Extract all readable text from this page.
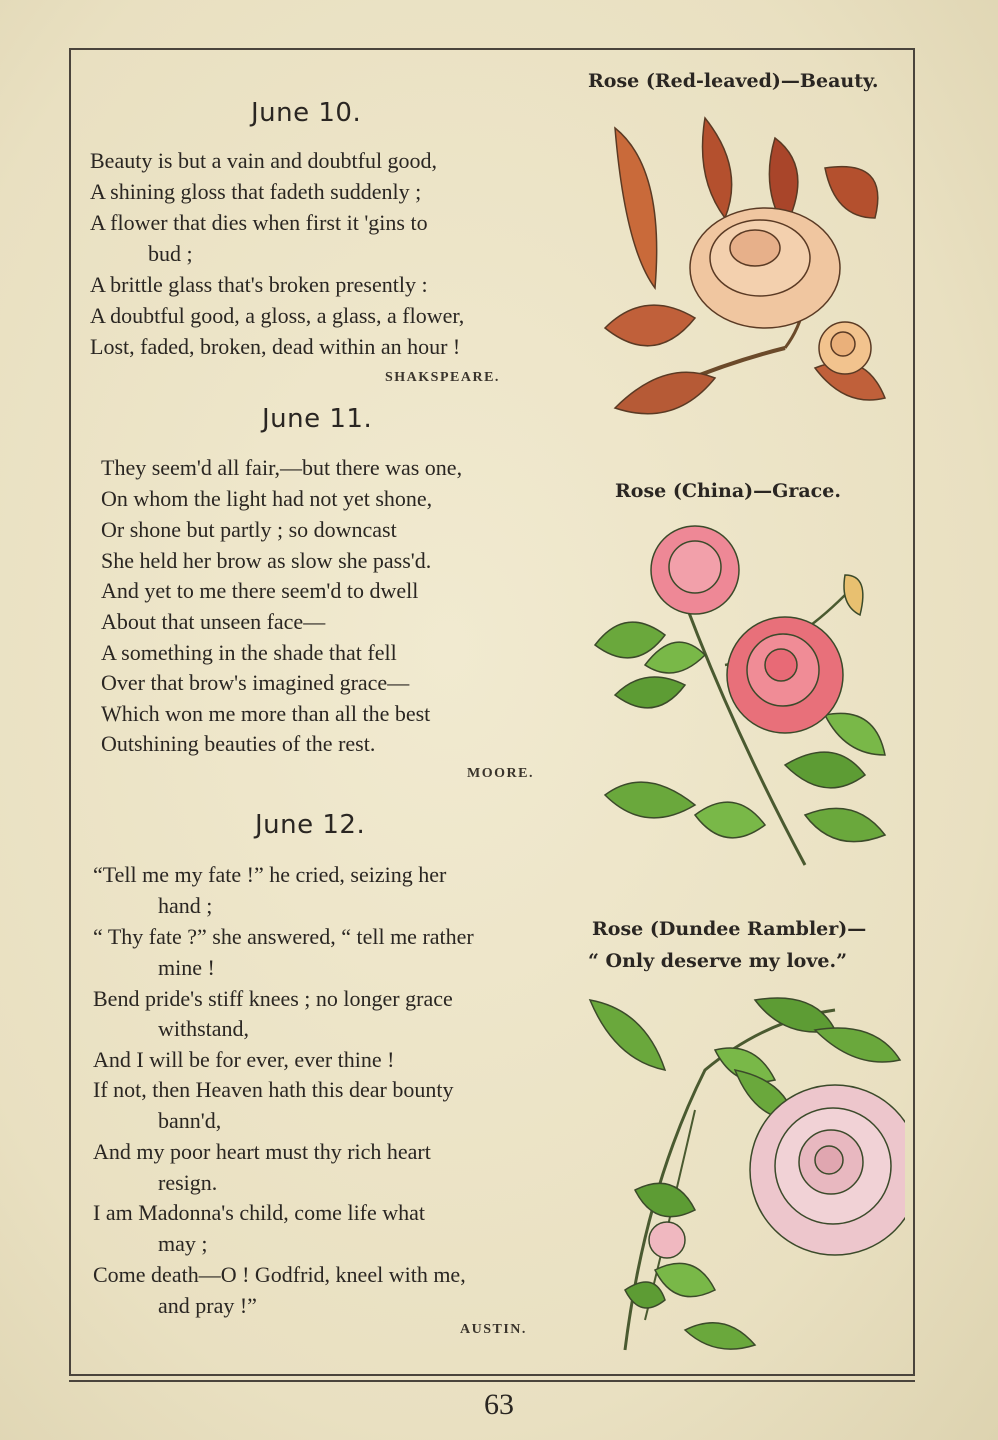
June 10.
Beauty is but a vain and doubtful good,
A shining gloss that fadeth suddenly ;
A flower that dies when first it 'gins to
bud ;
A brittle glass that's broken presently :
A doubtful good, a gloss, a glass, a flower,
Lost, faded, broken, dead within an hour !
SHAKSPEARE.
June 11.
They seem'd all fair,—but there was one,
On whom the light had not yet shone,
Or shone but partly ; so downcast
She held her brow as slow she pass'd.
And yet to me there seem'd to dwell
About that unseen face—
A something in the shade that fell
Over that brow's imagined grace—
Which won me more than all the best
Outshining beauties of the rest.
MOORE.
June 12.
“Tell me my fate !” he cried, seizing her
hand ;
“ Thy fate ?” she answered, “ tell me rather
mine !
Bend pride's stiff knees ; no longer grace
withstand,
And I will be for ever, ever thine !
If not, then Heaven hath this dear bounty
bann'd,
And my poor heart must thy rich heart
resign.
I am Madonna's child, come life what
may ;
Come death—O ! Godfrid, kneel with me,
and pray !”
AUSTIN.
Rose (Red-leaved)—Beauty.
Rose (China)—Grace.
Rose (Dundee Rambler)—
“ Only deserve my love.”
63
